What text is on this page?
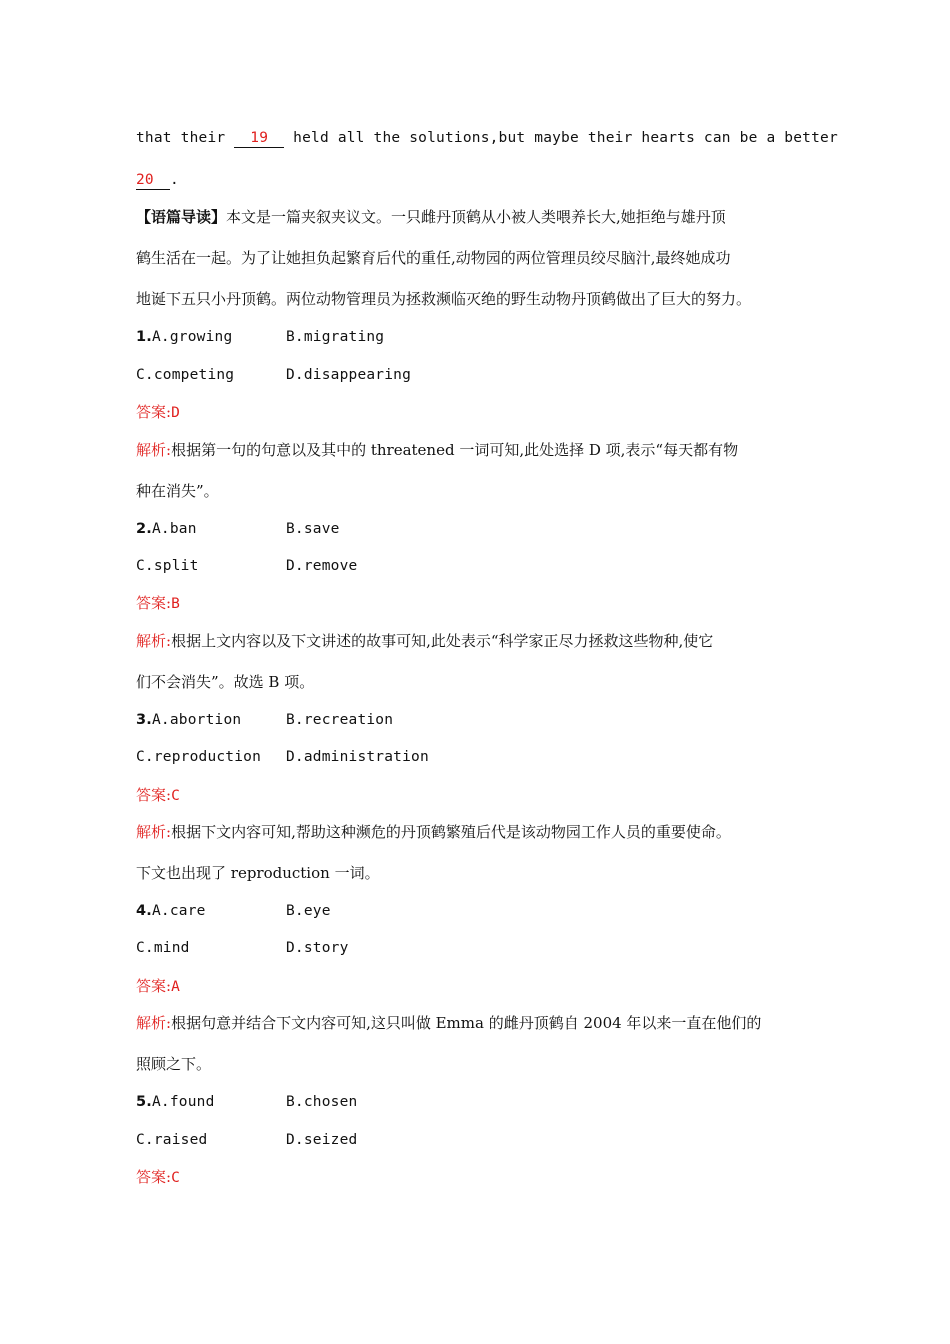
that their 19 held all the solutions,but maybe their hearts can be a better
20 .
【语篇导读】本文是一篇夹叙夹议文。一只雌丹顶鹤从小被人类喂养长大,她拒绝与雄丹顶
鹤生活在一起。为了让她担负起繁育后代的重任,动物园的两位管理员绞尽脑汁,最终她成功
地诞下五只小丹顶鹤。两位动物管理员为拯救濒临灭绝的野生动物丹顶鹤做出了巨大的努力。
1.A.growing	B.migrating
C.competing	D.disappearing
答案:D
解析:根据第一句的句意以及其中的 threatened 一词可知,此处选择 D 项,表示“每天都有物
种在消失”。
2.A.ban	B.save
C.split	D.remove
答案:B
解析:根据上文内容以及下文讲述的故事可知,此处表示“科学家正尽力拯救这些物种,使它
们不会消失”。故选 B 项。
3.A.abortion	B.recreation
C.reproduction D.administration
答案:C
解析:根据下文内容可知,帮助这种濒危的丹顶鹤繁殖后代是该动物园工作人员的重要使命。
下文也出现了 reproduction 一词。
4.A.care	B.eye
C.mind	D.story
答案:A
解析:根据句意并结合下文内容可知,这只叫做 Emma 的雌丹顶鹤自 2004 年以来一直在他们的
照顾之下。
5.A.found	B.chosen
C.raised	D.seized
答案:C
